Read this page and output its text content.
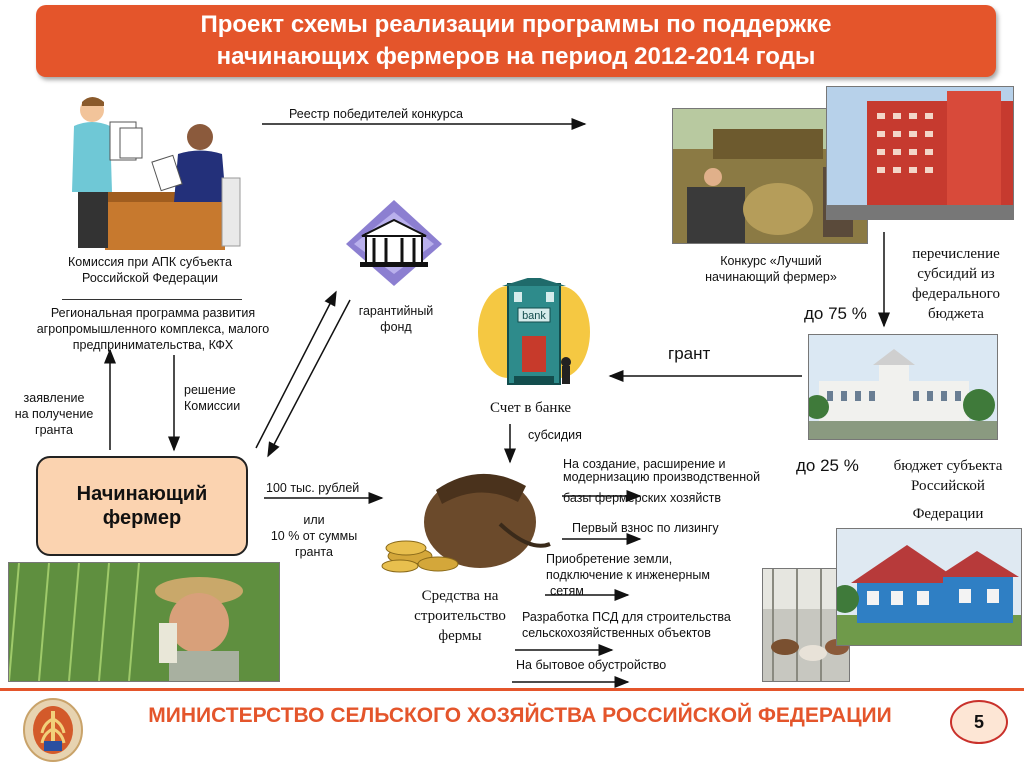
Проект схемы реализации программы по поддержке
начинающих фермеров на период 2012-2014 годы
Комиссия при АПК субъекта
Российской Федерации
Региональная программа развития
агропромышленного комплекса, малого
предпринимательства, КФХ
Реестр победителей конкурса
гарантийный
фонд
Конкурс «Лучший
начинающий фермер»
перечисление
субсидий из
федерального
бюджета
до 75 %
грант
bank
Счет в банке
субсидия
до 25 %	бюджет субъекта
Российской
Федерации
заявление
на получение
гранта
решение
Комиссии
Начинающий
фермер
100 тыс. рублей
или
10 % от суммы
гранта
Средства на
строительство
фермы
На создание, расширение и
модернизацию производственной
базы фермерских хозяйств
Первый взнос по лизингу
Приобретение земли,
подключение к инженерным
сетям
Разработка ПСД для строительства
сельскохозяйственных объектов
На бытовое обустройство
МИНИСТЕРСТВО СЕЛЬСКОГО ХОЗЯЙСТВА РОССИЙСКОЙ ФЕДЕРАЦИИ	5
